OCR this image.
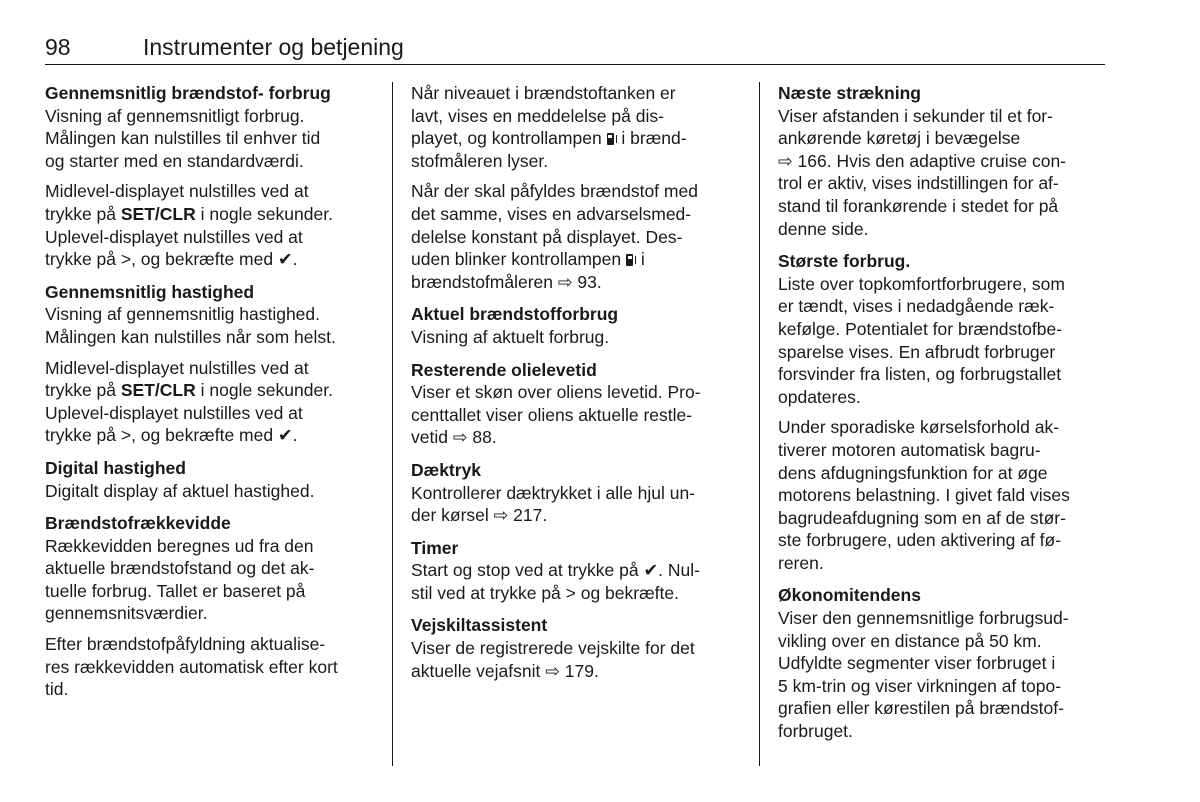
98	Instrumenter og betjening
Gennemsnitlig brændstof- forbrug
Visning af gennemsnitligt forbrug.
Målingen kan nulstilles til enhver tid
og starter med en standardværdi.
Midlevel-displayet nulstilles ved at
trykke på SET/CLR i nogle sekunder.
Uplevel-displayet nulstilles ved at
trykke på >, og bekræfte med ✔.
Gennemsnitlig hastighed
Visning af gennemsnitlig hastighed.
Målingen kan nulstilles når som helst.
Midlevel-displayet nulstilles ved at
trykke på SET/CLR i nogle sekunder.
Uplevel-displayet nulstilles ved at
trykke på >, og bekræfte med ✔.
Digital hastighed
Digitalt display af aktuel hastighed.
Brændstofrækkevidde
Rækkevidden beregnes ud fra den
aktuelle brændstofstand og det ak-
tuelle forbrug. Tallet er baseret på
gennemsnitsværdier.
Efter brændstofpåfyldning aktualise-
res rækkevidden automatisk efter kort
tid.
Når niveauet i brændstoftanken er
lavt, vises en meddelelse på dis-
playet, og kontrollampen
i brænd-
stofmåleren lyser.
Når der skal påfyldes brændstof med
det samme, vises en advarselsmed-
delelse konstant på displayet. Des-
uden blinker kontrollampen
i
brændstofmåleren ⇨ 93.
Aktuel brændstofforbrug
Visning af aktuelt forbrug.
Resterende olielevetid
Viser et skøn over oliens levetid. Pro-
centtallet viser oliens aktuelle restle-
vetid ⇨ 88.
Dæktryk
Kontrollerer dæktrykket i alle hjul un-
der kørsel ⇨ 217.
Timer
Start og stop ved at trykke på ✔. Nul-
stil ved at trykke på > og bekræfte.
Vejskiltassistent
Viser de registrerede vejskilte for det
aktuelle vejafsnit ⇨ 179.
Næste strækning
Viser afstanden i sekunder til et for-
ankørende køretøj i bevægelse
⇨ 166. Hvis den adaptive cruise con-
trol er aktiv, vises indstillingen for af-
stand til forankørende i stedet for på
denne side.
Største forbrug.
Liste over topkomfortforbrugere, som
er tændt, vises i nedadgående ræk-
kefølge. Potentialet for brændstofbe-
sparelse vises. En afbrudt forbruger
forsvinder fra listen, og forbrugstallet
opdateres.
Under sporadiske kørselsforhold ak-
tiverer motoren automatisk bagru-
dens afdugningsfunktion for at øge
motorens belastning. I givet fald vises
bagrudeafdugning som en af de stør-
ste forbrugere, uden aktivering af fø-
reren.
Økonomitendens
Viser den gennemsnitlige forbrugsud-
vikling over en distance på 50 km.
Udfyldte segmenter viser forbruget i
5 km-trin og viser virkningen af topo-
grafien eller kørestilen på brændstof-
forbruget.
